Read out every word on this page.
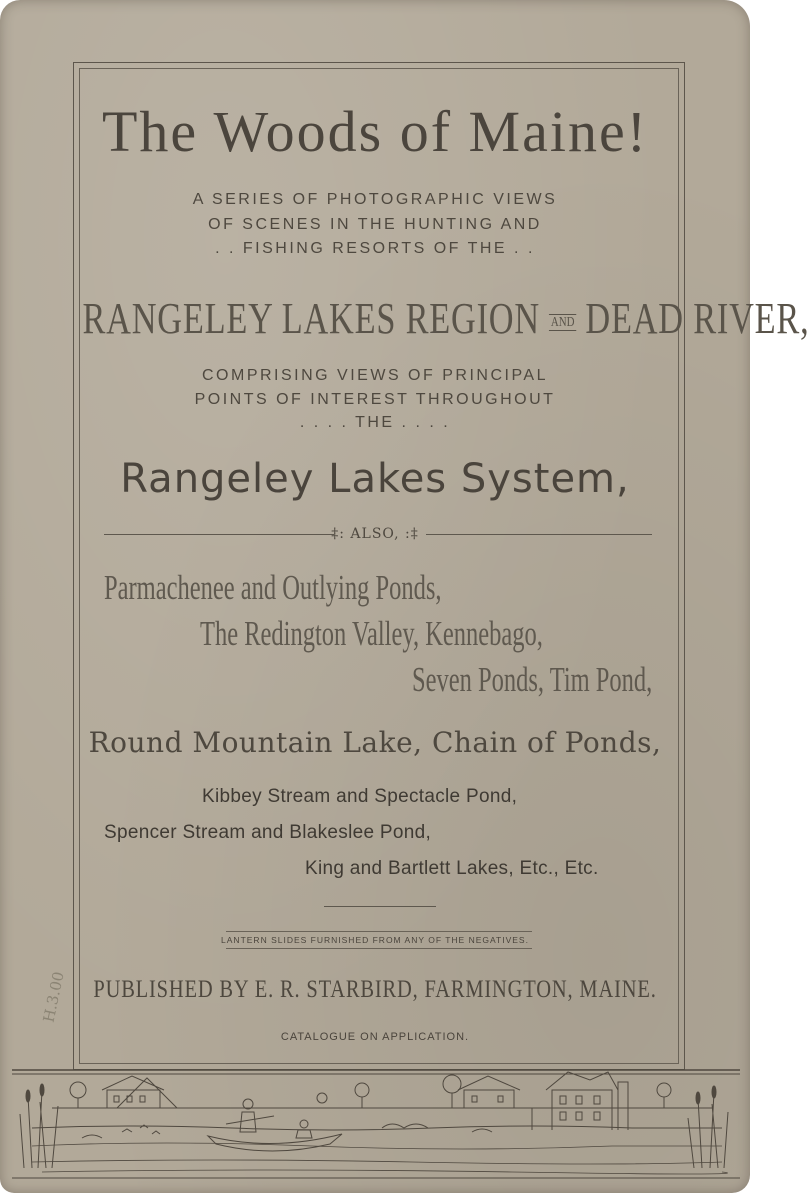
The Woods of Maine!

A SERIES OF PHOTOGRAPHIC VIEWS

OF SCENES IN THE HUNTING AND

. . FISHING RESORTS OF THE . .

RANGELEY LAKES REGION AND DEAD RIVER,

COMPRISING VIEWS OF PRINCIPAL

POINTS OF INTEREST THROUGHOUT

. . . . THE . . . .

Rangeley Lakes System,

‡: ALSO, :‡

Parmachenee and Outlying Ponds,

The Redington Valley, Kennebago,

Seven Ponds, Tim Pond,

Round Mountain Lake, Chain of Ponds,

Kibbey Stream and Spectacle Pond,

Spencer Stream and Blakeslee Pond,

King and Bartlett Lakes, Etc., Etc.

LANTERN SLIDES FURNISHED FROM ANY OF THE NEGATIVES.

PUBLISHED BY E. R. STARBIRD, FARMINGTON, MAINE.

CATALOGUE ON APPLICATION.

H.3.00
